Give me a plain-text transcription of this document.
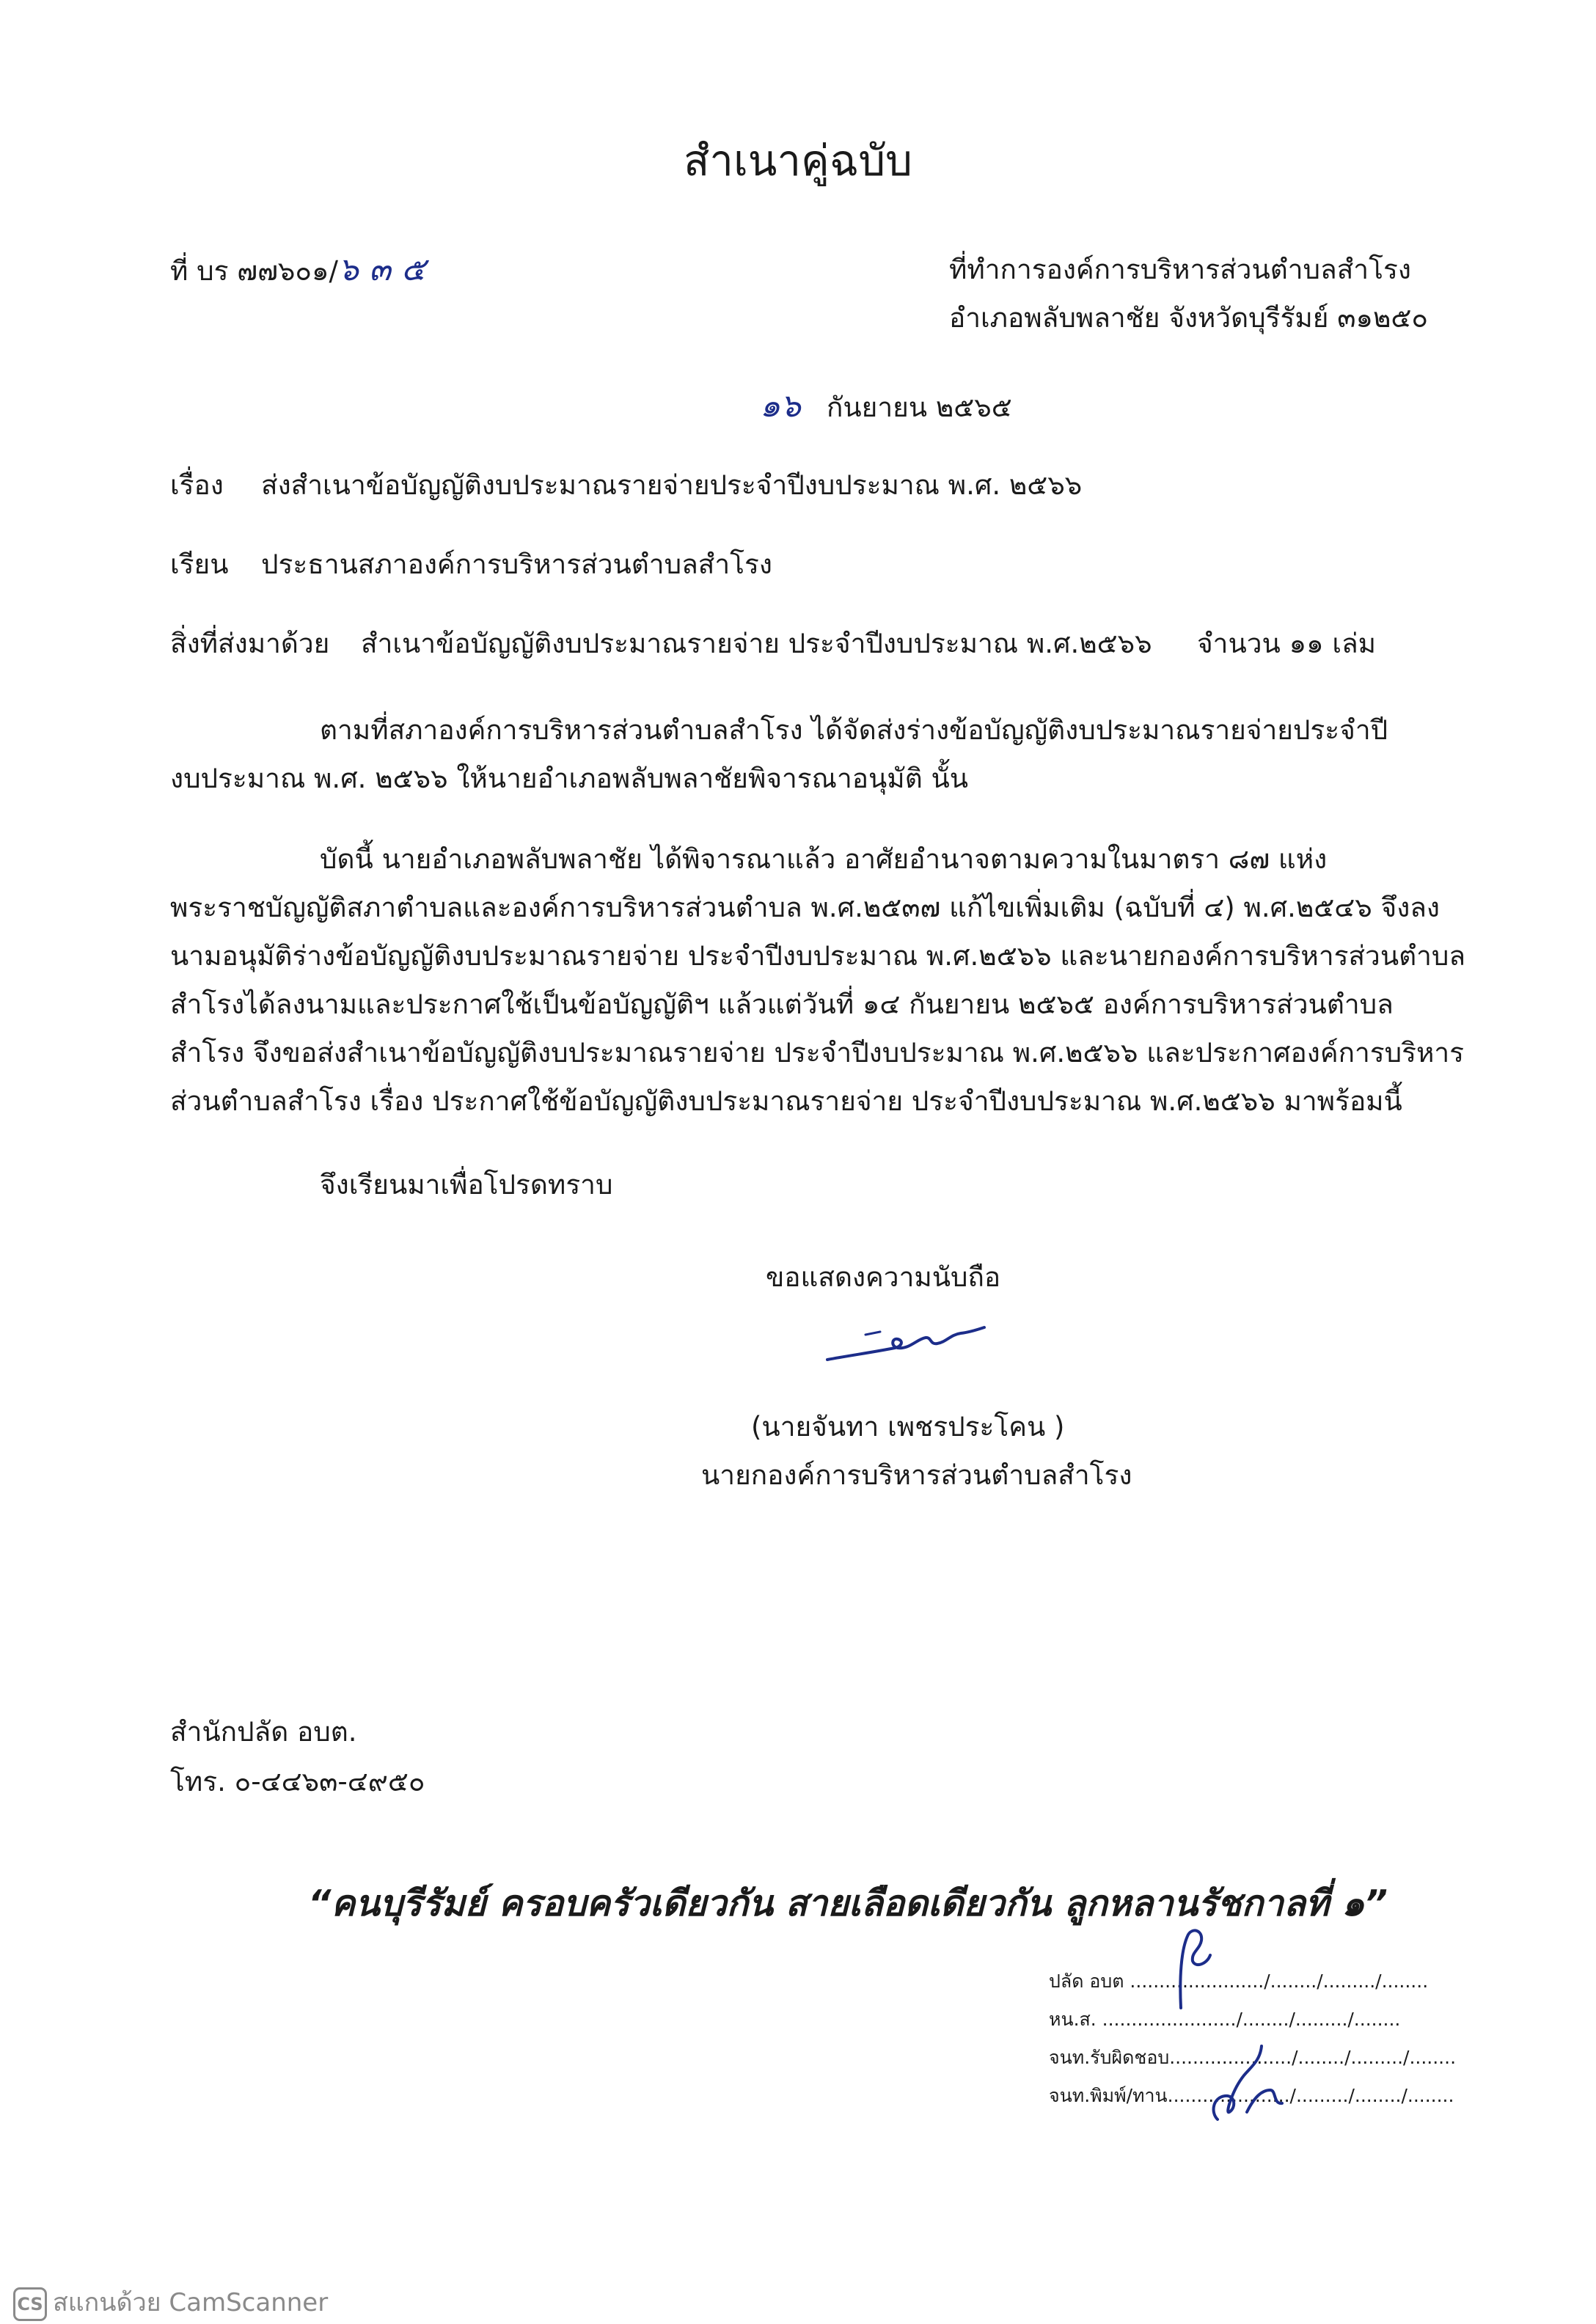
สำเนาคู่ฉบับ
ที่ บร ๗๗๖๐๑/๖ ๓ ๕	ที่ทำการองค์การบริหารส่วนตำบลสำโรง
อำเภอพลับพลาชัย จังหวัดบุรีรัมย์ ๓๑๒๕๐
๑๖ กันยายน ๒๕๖๕
เรื่อง ส่งสำเนาข้อบัญญัติงบประมาณรายจ่ายประจำปีงบประมาณ พ.ศ. ๒๕๖๖
เรียน ประธานสภาองค์การบริหารส่วนตำบลสำโรง
สิ่งที่ส่งมาด้วย สำเนาข้อบัญญัติงบประมาณรายจ่าย ประจำปีงบประมาณ พ.ศ.๒๕๖๖ จำนวน ๑๑ เล่ม
ตามที่สภาองค์การบริหารส่วนตำบลสำโรง ได้จัดส่งร่างข้อบัญญัติงบประมาณรายจ่ายประจำปี
งบประมาณ พ.ศ. ๒๕๖๖ ให้นายอำเภอพลับพลาชัยพิจารณาอนุมัติ นั้น
บัดนี้ นายอำเภอพลับพลาชัย ได้พิจารณาแล้ว อาศัยอำนาจตามความในมาตรา ๘๗ แห่ง
พระราชบัญญัติสภาตำบลและองค์การบริหารส่วนตำบล พ.ศ.๒๕๓๗ แก้ไขเพิ่มเติม (ฉบับที่ ๔) พ.ศ.๒๕๔๖ จึงลง
นามอนุมัติร่างข้อบัญญัติงบประมาณรายจ่าย ประจำปีงบประมาณ พ.ศ.๒๕๖๖ และนายกองค์การบริหารส่วนตำบล
สำโรงได้ลงนามและประกาศใช้เป็นข้อบัญญัติฯ แล้วแต่วันที่ ๑๔ กันยายน ๒๕๖๕ องค์การบริหารส่วนตำบล
สำโรง จึงขอส่งสำเนาข้อบัญญัติงบประมาณรายจ่าย ประจำปีงบประมาณ พ.ศ.๒๕๖๖ และประกาศองค์การบริหาร
ส่วนตำบลสำโรง เรื่อง ประกาศใช้ข้อบัญญัติงบประมาณรายจ่าย ประจำปีงบประมาณ พ.ศ.๒๕๖๖ มาพร้อมนี้
จึงเรียนมาเพื่อโปรดทราบ
ขอแสดงความนับถือ
(นายจันทา เพชรประโคน )
นายกองค์การบริหารส่วนตำบลสำโรง
สำนักปลัด อบต.
โทร. ๐-๔๔๖๓-๔๙๕๐
“คนบุรีรัมย์ ครอบครัวเดียวกัน สายเลือดเดียวกัน ลูกหลานรัชกาลที่ ๑”
ปลัด อบต ......................./......../........./........
หน.ส. ......................./......../........./........
จนท.รับผิดชอบ...................../......../........./........
จนท.พิมพ์/ทาน...................../........./......../........
CS สแกนด้วย CamScanner
